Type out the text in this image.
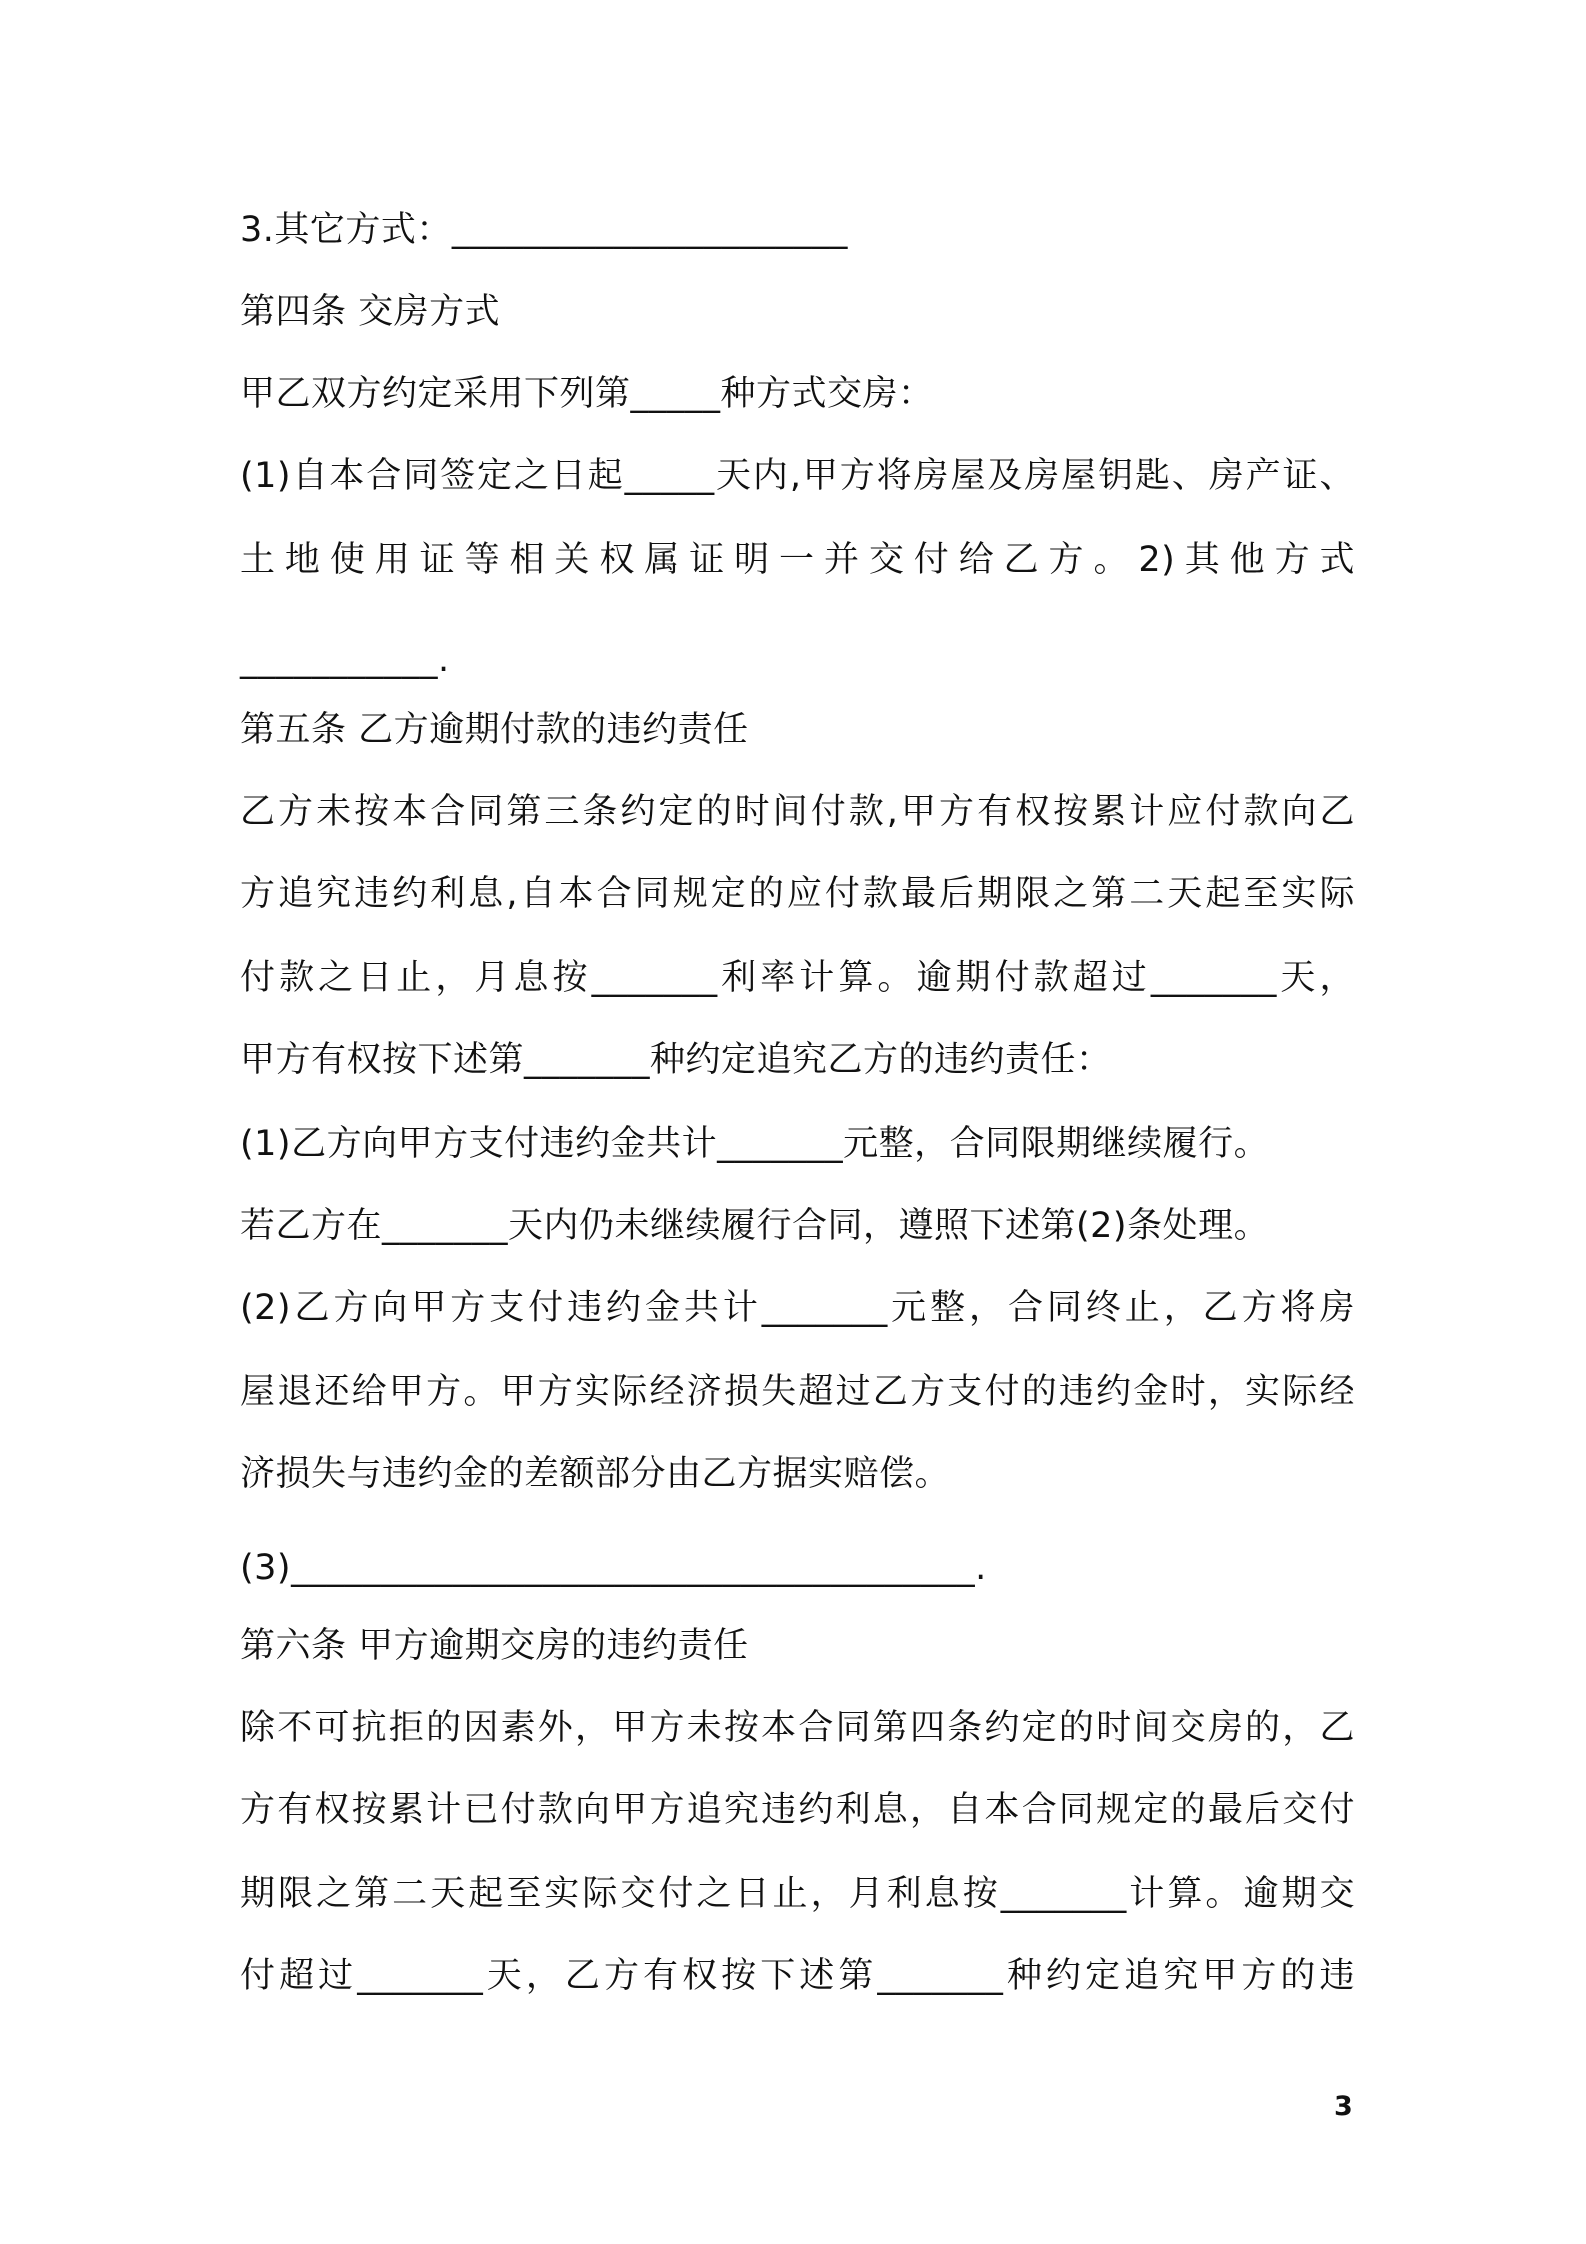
3.其它方式：______________________
第四条 交房方式
甲乙双方约定采用下列第_____种方式交房：
(1)自本合同签定之日起_____天内,甲方将房屋及房屋钥匙、房产证、
土地使用证等相关权属证明一并交付给乙方。2)其他方式
___________.
第五条 乙方逾期付款的违约责任
乙方未按本合同第三条约定的时间付款,甲方有权按累计应付款向乙
方追究违约利息,自本合同规定的应付款最后期限之第二天起至实际
付款之日止，月息按_______利率计算。逾期付款超过_______天，
甲方有权按下述第_______种约定追究乙方的违约责任：
(1)乙方向甲方支付违约金共计_______元整，合同限期继续履行。
若乙方在_______天内仍未继续履行合同，遵照下述第(2)条处理。
(2)乙方向甲方支付违约金共计_______元整，合同终止，乙方将房
屋退还给甲方。甲方实际经济损失超过乙方支付的违约金时，实际经
济损失与违约金的差额部分由乙方据实赔偿。
(3)______________________________________.
第六条 甲方逾期交房的违约责任
除不可抗拒的因素外，甲方未按本合同第四条约定的时间交房的，乙
方有权按累计已付款向甲方追究违约利息，自本合同规定的最后交付
期限之第二天起至实际交付之日止，月利息按_______计算。逾期交
付超过_______天，乙方有权按下述第_______种约定追究甲方的违
3
